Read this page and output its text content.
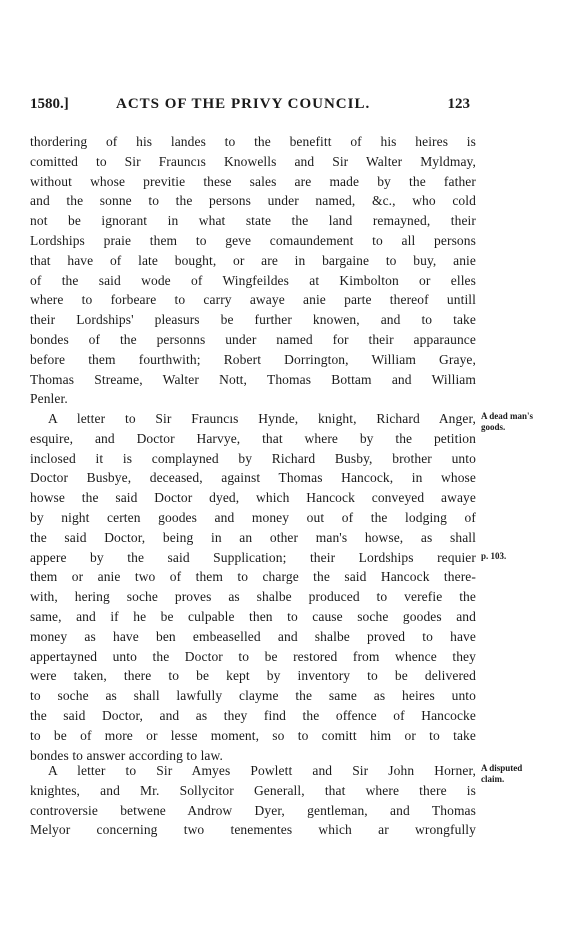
1580.]	ACTS OF THE PRIVY COUNCIL.	123
thordering of his landes to the benefitt of his heires is
comitted to Sir Frauncıs Knowells and Sir Walter Myldmay,
without whose previtie these sales are made by the father
and the sonne to the persons under named, &c., who cold
not be ignorant in what state the land remayned, their
Lordships praie them to geve comaundement to all persons
that have of late bought, or are in bargaine to buy, anie
of the said wode of Wingfeildes at Kimbolton or elles
where to forbeare to carry awaye anie parte thereof untill
their Lordships' pleasurs be further knowen, and to take
bondes of the personns under named for their apparaunce
before them fourthwith; Robert Dorrington, William Graye,
Thomas Streame, Walter Nott, Thomas Bottam and William
Penler.
A letter to Sir Frauncıs Hynde, knight, Richard Anger,
esquire, and Doctor Harvye, that where by the petition
inclosed it is complayned by Richard Busby, brother unto
Doctor Busbye, deceased, against Thomas Hancock, in whose
howse the said Doctor dyed, which Hancock conveyed awaye
by night certen goodes and money out of the lodging of
the said Doctor, being in an other man's howse, as shall
appere by the said Supplication; their Lordships requier
them or anie two of them to charge the said Hancock there-
with, hering soche proves as shalbe produced to verefie the
same, and if he be culpable then to cause soche goodes and
money as have ben embeaselled and shalbe proved to have
appertayned unto the Doctor to be restored from whence they
were taken, there to be kept by inventory to be delivered
to soche as shall lawfully clayme the same as heires unto
the said Doctor, and as they find the offence of Hancocke
to be of more or lesse moment, so to comitt him or to take
bondes to answer according to law.
A letter to Sir Amyes Powlett and Sir John Horner,
knightes, and Mr. Sollycitor Generall, that where there is
controversie betwene Androw Dyer, gentleman, and Thomas
Melyor concerning two tenementes which ar wrongfully
A dead man's
goods.
p. 103.
A disputed
claim.
